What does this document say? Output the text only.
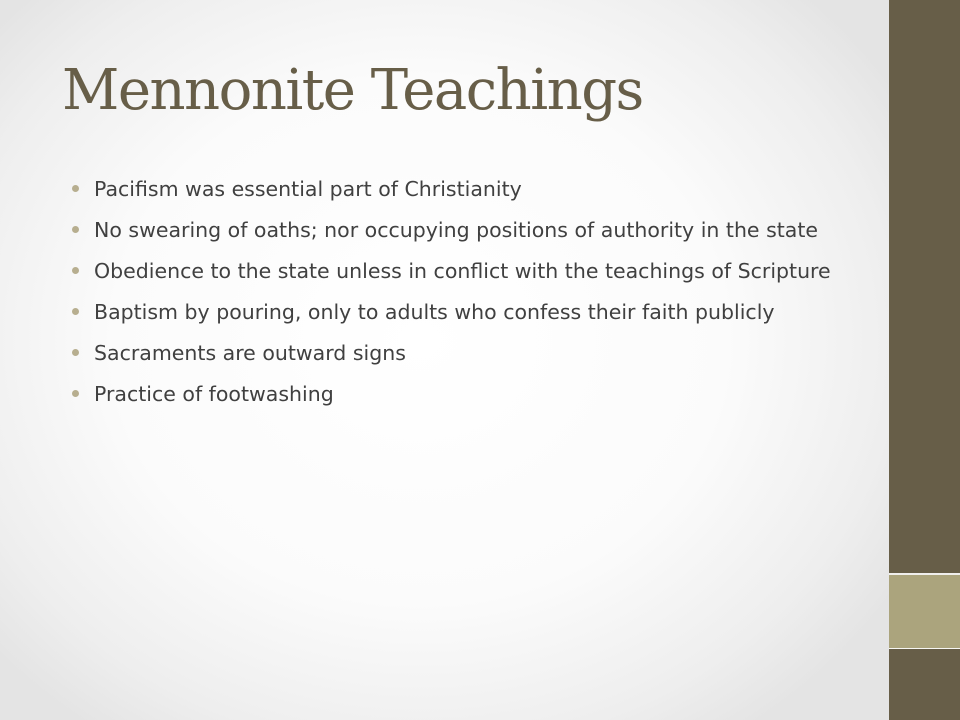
Mennonite Teachings
Pacifism was essential part of Christianity
No swearing of oaths; nor occupying positions of authority in the state
Obedience to the state unless in conflict with the teachings of Scripture
Baptism by pouring, only to adults who confess their faith publicly
Sacraments are outward signs
Practice of footwashing
